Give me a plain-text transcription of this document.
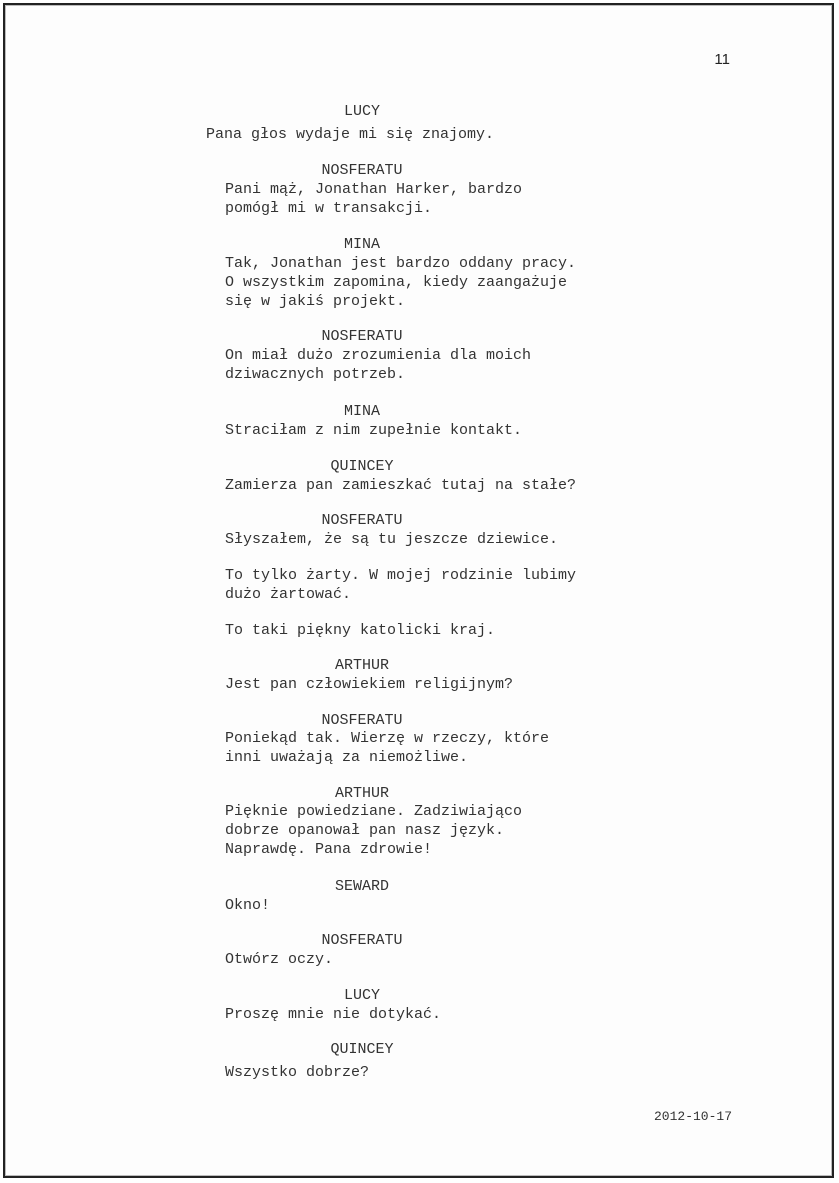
11
LUCY
Pana głos wydaje mi się znajomy.
NOSFERATU
Pani mąż, Jonathan Harker, bardzo
pomógł mi w transakcji.
MINA
Tak, Jonathan jest bardzo oddany pracy.
O wszystkim zapomina, kiedy zaangażuje
się w jakiś projekt.
NOSFERATU
On miał dużo zrozumienia dla moich
dziwacznych potrzeb.
MINA
Straciłam z nim zupełnie kontakt.
QUINCEY
Zamierza pan zamieszkać tutaj na stałe?
NOSFERATU
Słyszałem, że są tu jeszcze dziewice.
To tylko żarty. W mojej rodzinie lubimy
dużo żartować.
To taki piękny katolicki kraj.
ARTHUR
Jest pan człowiekiem religijnym?
NOSFERATU
Poniekąd tak. Wierzę w rzeczy, które
inni uważają za niemożliwe.
ARTHUR
Pięknie powiedziane. Zadziwiająco
dobrze opanował pan nasz język.
Naprawdę. Pana zdrowie!
SEWARD
Okno!
NOSFERATU
Otwórz oczy.
LUCY
Proszę mnie nie dotykać.
QUINCEY
Wszystko dobrze?
2012-10-17
